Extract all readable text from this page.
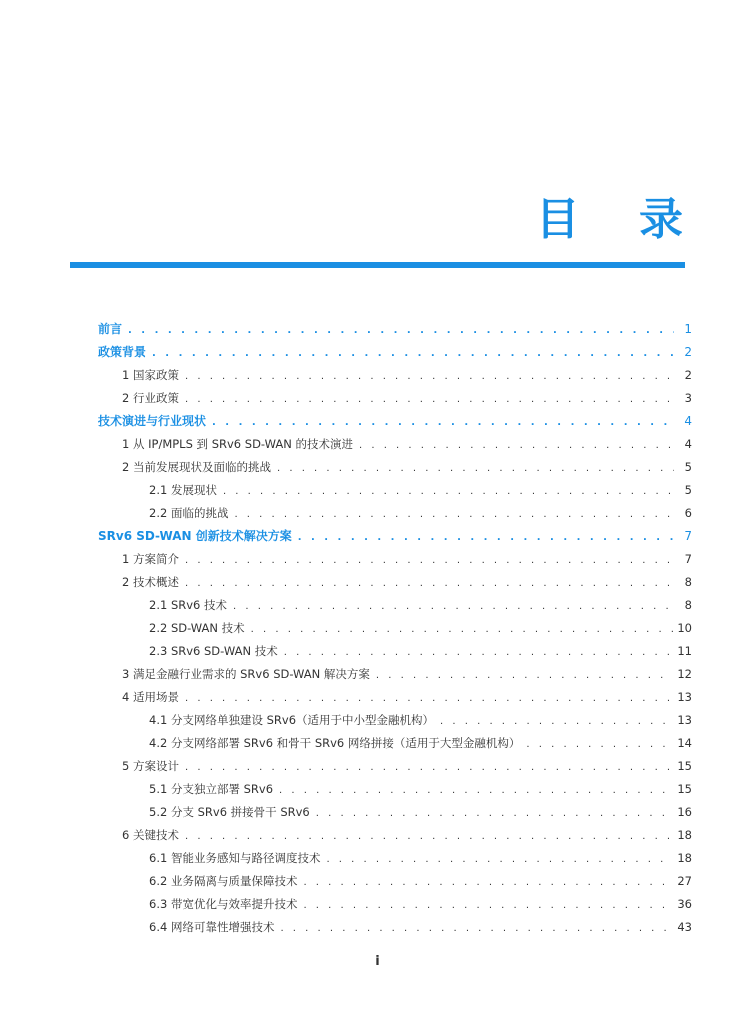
目 录
前言 . . .	1
政策背景 . . .	2
1 国家政策 . . .	2
2 行业政策 . . .	3
技术演进与行业现状 . . .	4
1 从 IP/MPLS 到 SRv6 SD-WAN 的技术演进 . . .	4
2 当前发展现状及面临的挑战 . . .	5
2.1 发展现状 . . .	5
2.2 面临的挑战 . . .	6
SRv6 SD-WAN 创新技术解决方案 . . .	7
1 方案简介 . . .	7
2 技术概述 . . .	8
2.1 SRv6 技术 . . .	8
2.2 SD-WAN 技术 . . .	10
2.3 SRv6 SD-WAN 技术 . . .	11
3 满足金融行业需求的 SRv6 SD-WAN 解决方案 . . .	12
4 适用场景 . . .	13
4.1 分支网络单独建设 SRv6（适用于中小型金融机构） . . .	13
4.2 分支网络部署 SRv6 和骨干 SRv6 网络拼接（适用于大型金融机构） . . .	14
5 方案设计 . . .	15
5.1 分支独立部署 SRv6 . . .	15
5.2 分支 SRv6 拼接骨干 SRv6 . . .	16
6 关键技术 . . .	18
6.1 智能业务感知与路径调度技术 . . .	18
6.2 业务隔离与质量保障技术 . . .	27
6.3 带宽优化与效率提升技术 . . .	36
6.4 网络可靠性增强技术 . . .	43
i
